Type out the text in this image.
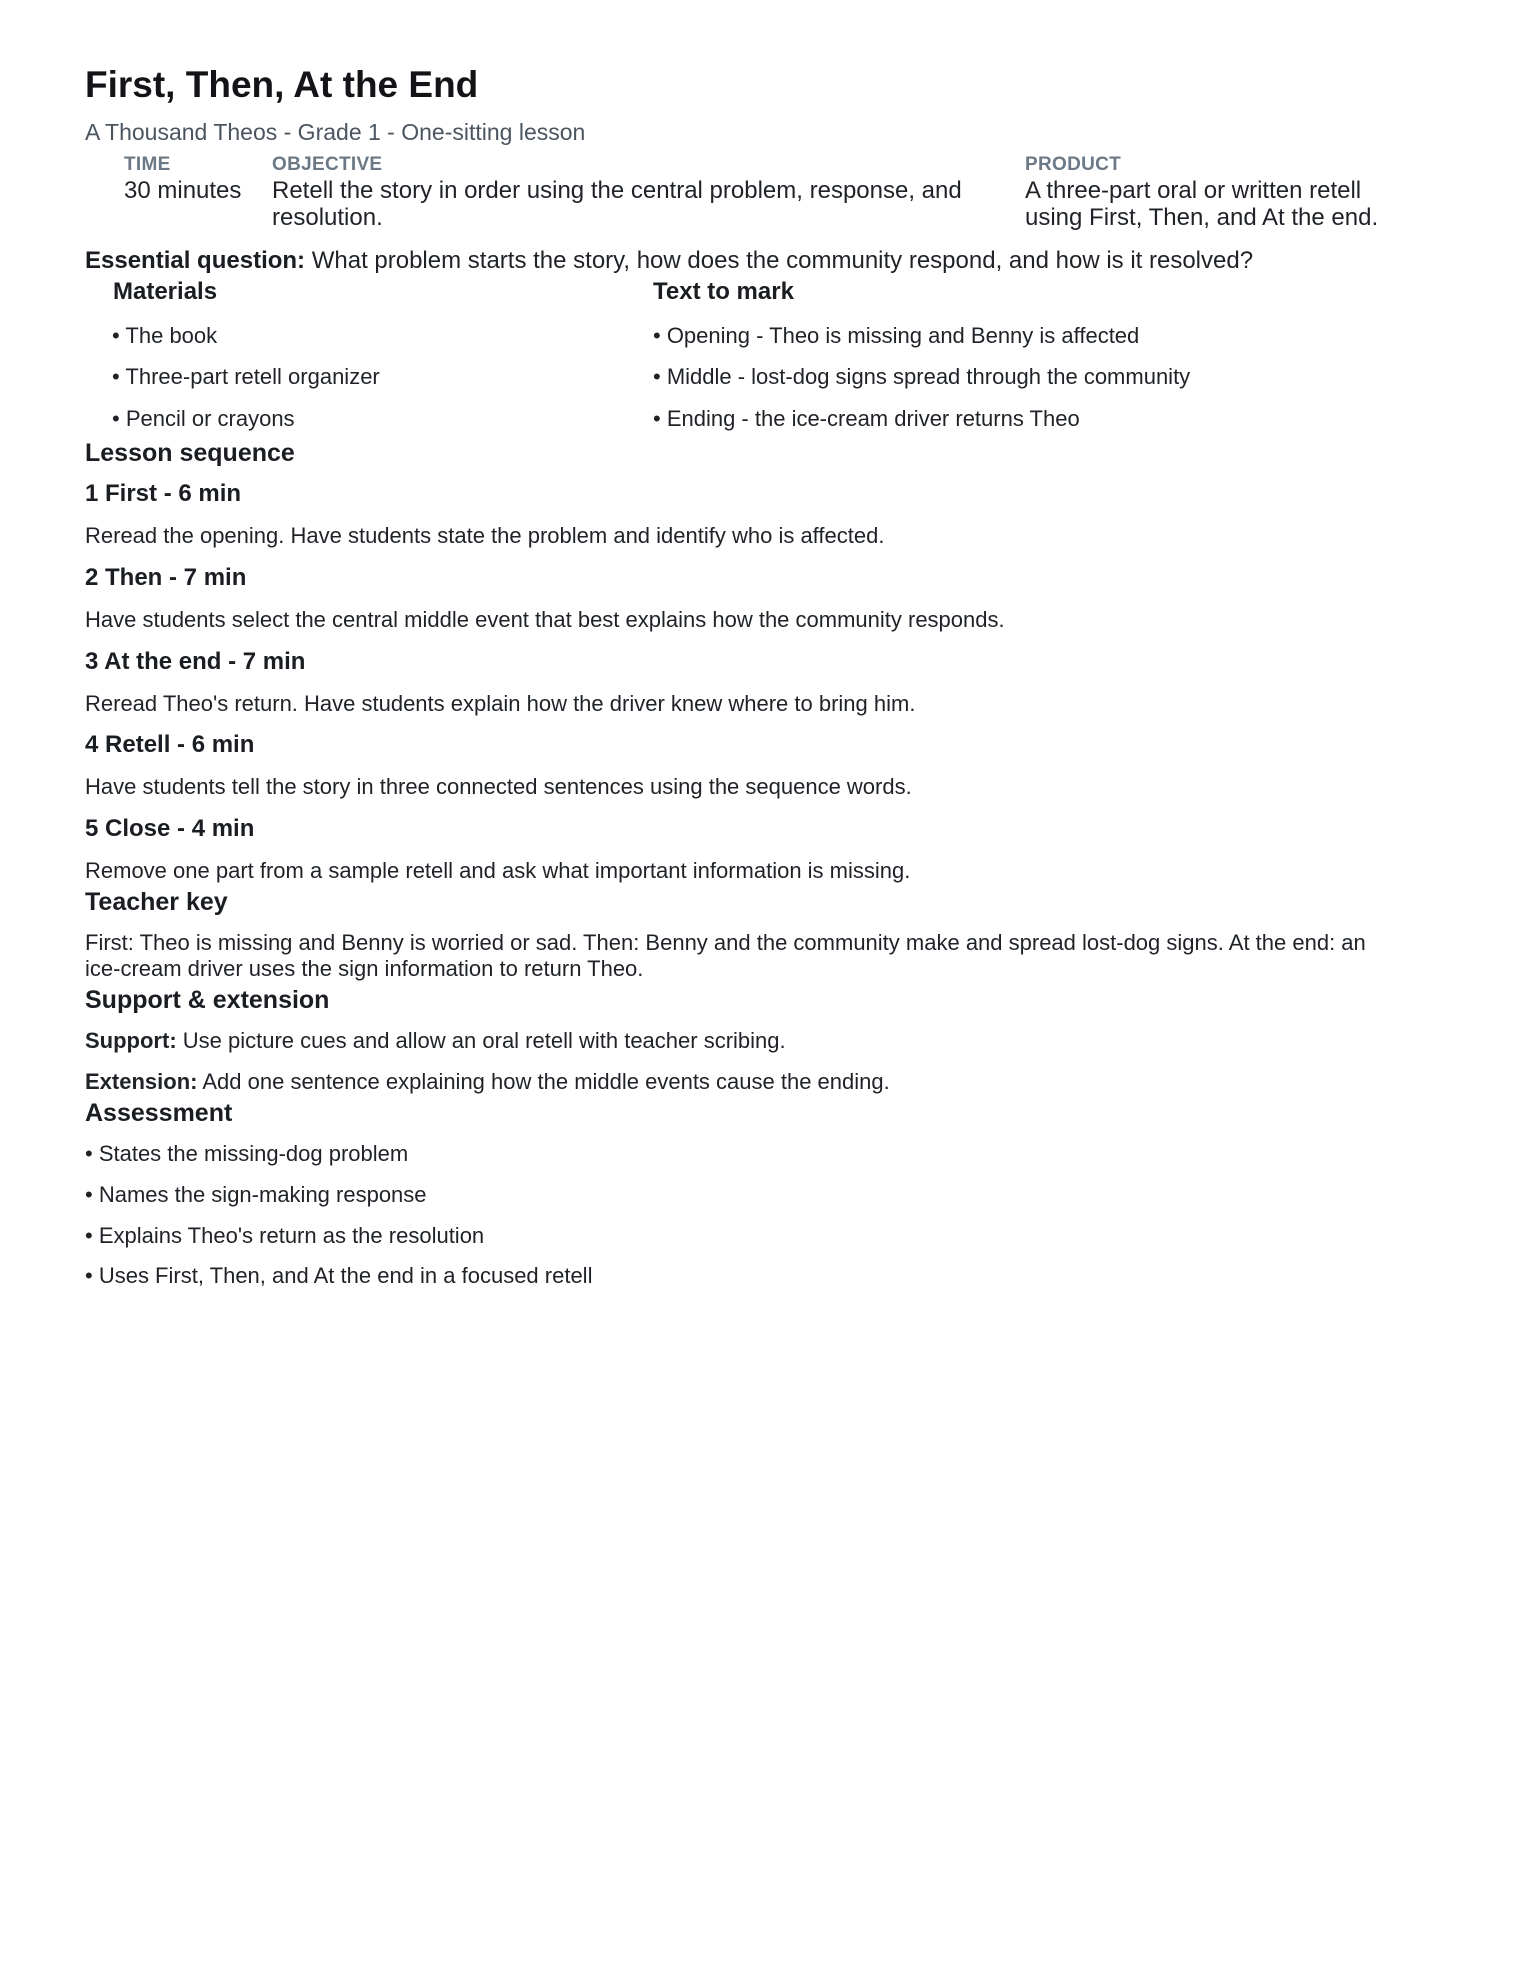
First, Then, At the End
A Thousand Theos - Grade 1 - One-sitting lesson
TIME
30 minutes
OBJECTIVE
Retell the story in order using the central problem, response, and
resolution.
PRODUCT
A three-part oral or written retell
using First, Then, and At the end.
Essential question: What problem starts the story, how does the community respond, and how is it resolved?
Materials
• The book
• Three-part retell organizer
• Pencil or crayons
Text to mark
• Opening - Theo is missing and Benny is affected
• Middle - lost-dog signs spread through the community
• Ending - the ice-cream driver returns Theo
Lesson sequence
1 First - 6 min
Reread the opening. Have students state the problem and identify who is affected.
2 Then - 7 min
Have students select the central middle event that best explains how the community responds.
3 At the end - 7 min
Reread Theo's return. Have students explain how the driver knew where to bring him.
4 Retell - 6 min
Have students tell the story in three connected sentences using the sequence words.
5 Close - 4 min
Remove one part from a sample retell and ask what important information is missing.
Teacher key
First: Theo is missing and Benny is worried or sad. Then: Benny and the community make and spread lost-dog signs. At the end: an
ice-cream driver uses the sign information to return Theo.
Support & extension
Support: Use picture cues and allow an oral retell with teacher scribing.
Extension: Add one sentence explaining how the middle events cause the ending.
Assessment
• States the missing-dog problem
• Names the sign-making response
• Explains Theo's return as the resolution
• Uses First, Then, and At the end in a focused retell
